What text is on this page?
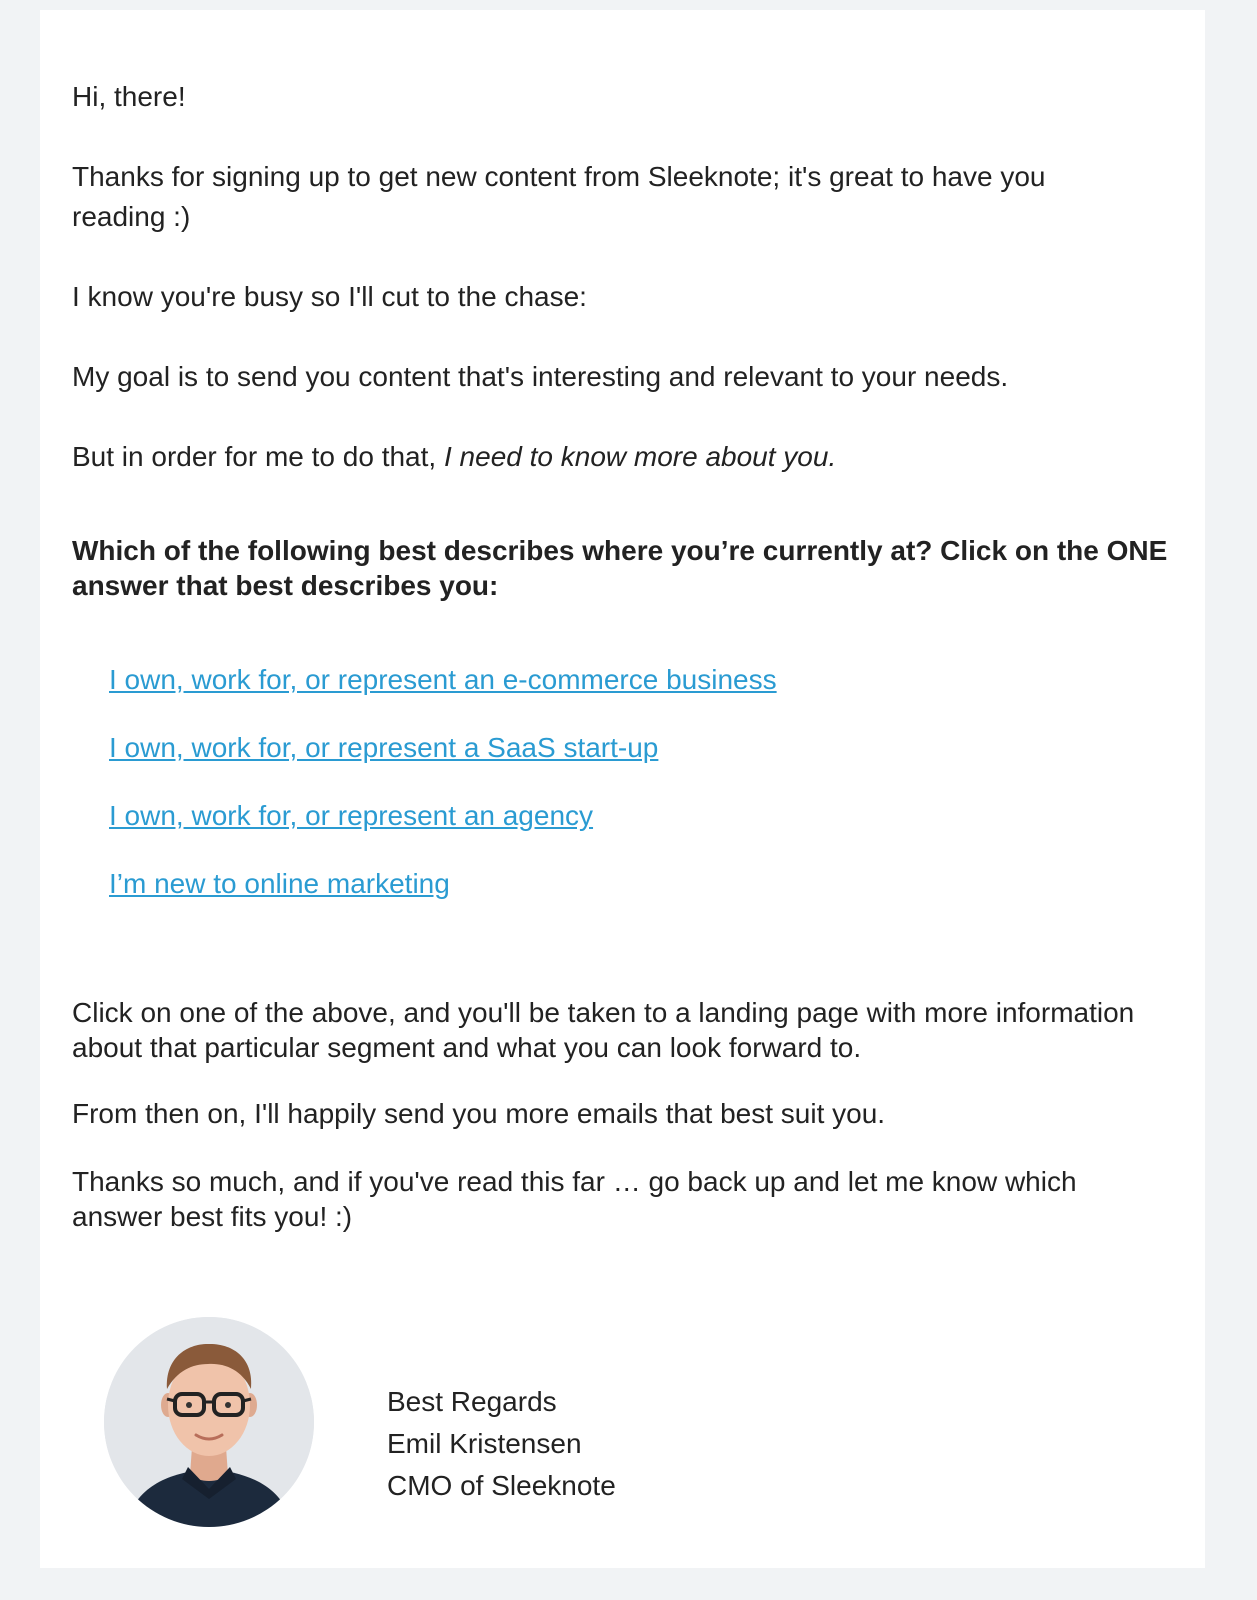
Hi, there!

Thanks for signing up to get new content from Sleeknote; it's great to have you reading :)

I know you're busy so I'll cut to the chase:

My goal is to send you content that's interesting and relevant to your needs.

But in order for me to do that, I need to know more about you.

Which of the following best describes where you’re currently at? Click on the ONE answer that best describes you:

I own, work for, or represent an e-commerce business
I own, work for, or represent a SaaS start-up
I own, work for, or represent an agency
I’m new to online marketing

Click on one of the above, and you'll be taken to a landing page with more information about that particular segment and what you can look forward to.

From then on, I'll happily send you more emails that best suit you.

Thanks so much, and if you've read this far … go back up and let me know which answer best fits you! :)

Best Regards
Emil Kristensen
CMO of Sleeknote
